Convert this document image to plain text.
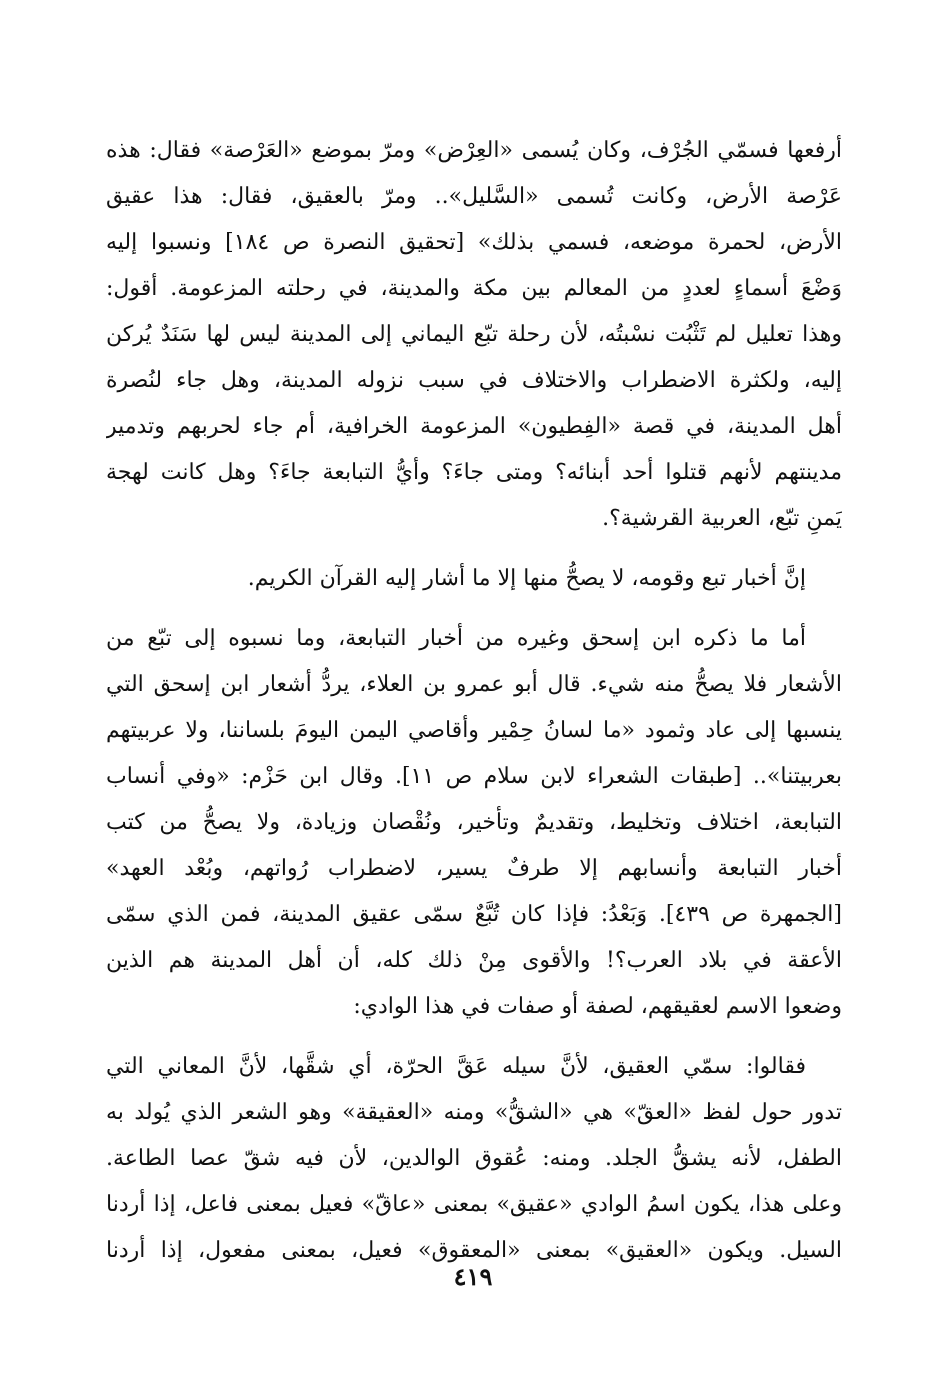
أرفعها فسمّي الجُرْف، وكان يُسمى «العِرْض» ومرّ بموضع «العَرْصة» فقال: هذه
عَرْصة الأرض، وكانت تُسمى «السَّليل».. ومرّ بالعقيق، فقال: هذا عقيق
الأرض، لحمرة موضعه، فسمي بذلك» [تحقيق النصرة ص ١٨٤] ونسبوا إليه
وَضْعَ أسماءٍ لعددٍ من المعالم بين مكة والمدينة، في رحلته المزعومة. أقول:
وهذا تعليل لم تَثْبُت نسْبتُه، لأن رحلة تبّع اليماني إلى المدينة ليس لها سَنَدٌ يُركن
إليه، ولكثرة الاضطراب والاختلاف في سبب نزوله المدينة، وهل جاء لنُصرة
أهل المدينة، في قصة «الفِطيون» المزعومة الخرافية، أم جاء لحربهم وتدمير
مدينتهم لأنهم قتلوا أحد أبنائه؟ ومتى جاءَ؟ وأيُّ التبابعة جاءَ؟ وهل كانت لهجة
يَمنِ تبّع، العربية القرشية؟.
إنَّ أخبار تبع وقومه، لا يصحُّ منها إلا ما أشار إليه القرآن الكريم.
أما ما ذكره ابن إسحق وغيره من أخبار التبابعة، وما نسبوه إلى تبّع من
الأشعار فلا يصحُّ منه شيء. قال أبو عمرو بن العلاء، يردُّ أشعار ابن إسحق التي
ينسبها إلى عاد وثمود «ما لسانُ حِمْير وأقاصي اليمن اليومَ بلساننا، ولا عربيتهم
بعربيتنا».. [طبقات الشعراء لابن سلام ص ١١]. وقال ابن حَزْم: «وفي أنساب
التبابعة، اختلاف وتخليط، وتقديمٌ وتأخير، ونُقْصان وزيادة، ولا يصحُّ من كتب
أخبار التبابعة وأنسابهم إلا طرفٌ يسير، لاضطراب رُواتهم، وبُعْد العهد»
[الجمهرة ص ٤٣٩]. وَبَعْدُ: فإذا كان تُبَّعٌ سمّى عقيق المدينة، فمن الذي سمّى
الأعقة في بلاد العرب؟! والأقوى مِنْ ذلك كله، أن أهل المدينة هم الذين
وضعوا الاسم لعقيقهم، لصفة أو صفات في هذا الوادي:
فقالوا: سمّي العقيق، لأنَّ سيله عَقَّ الحرّة، أي شقَّها، لأنَّ المعاني التي
تدور حول لفظ «العقّ» هي «الشقُّ» ومنه «العقيقة» وهو الشعر الذي يُولد به
الطفل، لأنه يشقُّ الجلد. ومنه: عُقوق الوالدين، لأن فيه شقّ عصا الطاعة.
وعلى هذا، يكون اسمُ الوادي «عقيق» بمعنى «عاقّ» فعيل بمعنى فاعل، إذا أردنا
السيل. ويكون «العقيق» بمعنى «المعقوق» فعيل، بمعنى مفعول، إذا أردنا
٤١٩
